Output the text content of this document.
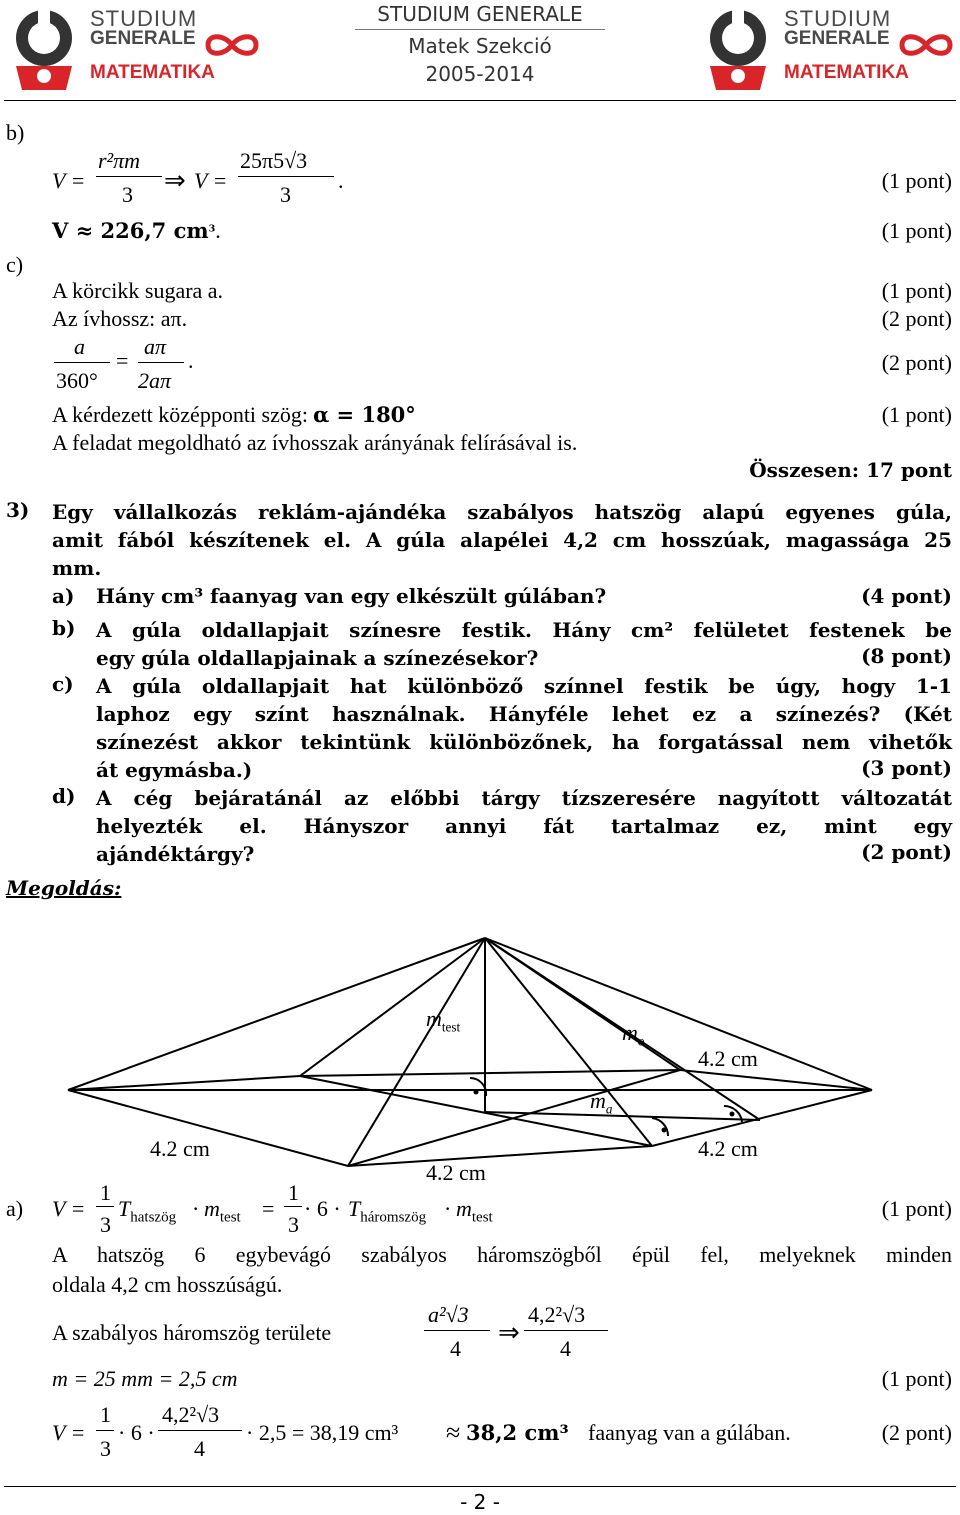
STUDIUM
GENERALE
MATEMATIKA
STUDIUM GENERALE
Matek Szekció
2005-2014
STUDIUM
GENERALE
MATEMATIKA
b)
V =
r²πm
3 ⇒ V =
25π5√3
3
.	(1 pont)
V ≈ 226,7 $cm^3$.	(1 pont)
c)
A körcikk sugara a.	(1 pont)
Az ívhossz: aπ.	(2 pont)
a
360°
=
aπ
2aπ
.	(2 pont)
A kérdezett középponti szög: α = 180°	(1 pont)
A feladat megoldható az ívhosszak arányának felírásával is.
Összesen: 17 pont
3) Egy vállalkozás reklám-ajándéka szabályos hatszög alapú egyenes gúla,
amit fából készítenek el. A gúla alapélei 4,2 cm hosszúak, magassága 25
mm.
a) Hány cm³ faanyag van egy elkészült gúlában?	(4 pont)
b) A gúla oldallapjait színesre festik. Hány cm² felületet festenek be
egy gúla oldallapjainak a színezésekor?	(8 pont)
c) A gúla oldallapjait hat különböző színnel festik be úgy, hogy 1-1
laphoz egy színt használnak. Hányféle lehet ez a színezés? (Két
színezést akkor tekintünk különbözőnek, ha forgatással nem vihetők
át egymásba.)	(3 pont)
d) A cég bejáratánál az előbbi tárgy tízszeresére nagyított változatát
helyezték el. Hányszor annyi fát tartalmaz ez, mint egy
ajándéktárgy?	(2 pont)
Megoldás:
$m_{test}$	$m_o$
4.2 cm
$m_a$
4.2 cm	4.2 cm
4.2 cm
a) V =
1
3
$T_{hatszög} \cdot m_{test}$ =
1
3
· $6 \cdot T_{háromszög} \cdot m_{test}$	(1 pont)
A hatszög 6 egybevágó szabályos háromszögből épül fel, melyeknek minden
oldala 4,2 cm hosszúságú.
A szabályos háromszög területe
a²√3
4
⇒
4,2²√3
4
m = 25 mm = 2,5 cm	(1 pont)
V =
1
3
· 6 ·
4,2²√3
4
· 2,5 = 38,19 cm³ ≈ 38,2 cm³ faanyag van a gúlában.	(2 pont)
- 2 -
